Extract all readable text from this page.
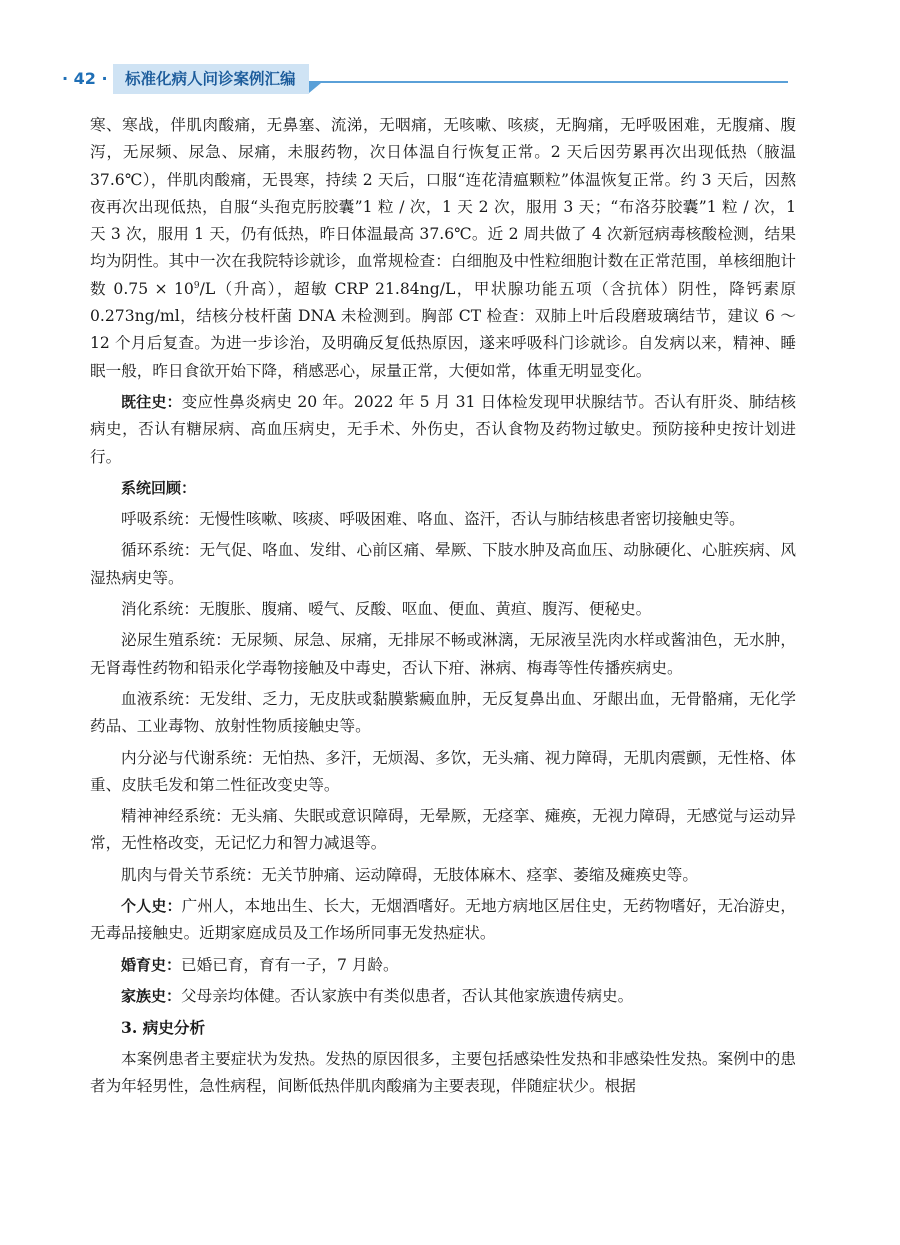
· 42 ·	标准化病人问诊案例汇编

寒、寒战，伴肌肉酸痛，无鼻塞、流涕，无咽痛，无咳嗽、咳痰，无胸痛，无呼吸困难，无腹痛、腹泻，无尿频、尿急、尿痛，未服药物，次日体温自行恢复正常。2 天后因劳累再次出现低热（腋温 37.6℃），伴肌肉酸痛，无畏寒，持续 2 天后，口服“连花清瘟颗粒”体温恢复正常。约 3 天后，因熬夜再次出现低热，自服“头孢克肟胶囊”1 粒 / 次，1 天 2 次，服用 3 天；“布洛芬胶囊”1 粒 / 次，1 天 3 次，服用 1 天，仍有低热，昨日体温最高 37.6℃。近 2 周共做了 4 次新冠病毒核酸检测，结果均为阴性。其中一次在我院特诊就诊，血常规检查：白细胞及中性粒细胞计数在正常范围，单核细胞计数 $0.75 \times 10^9/L$（升高），超敏 CRP 21.84ng/L，甲状腺功能五项（含抗体）阴性，降钙素原 0.273ng/ml，结核分枝杆菌 DNA 未检测到。胸部 CT 检查：双肺上叶后段磨玻璃结节，建议 6 ～ 12 个月后复查。为进一步诊治，及明确反复低热原因，遂来呼吸科门诊就诊。自发病以来，精神、睡眠一般，昨日食欲开始下降，稍感恶心，尿量正常，大便如常，体重无明显变化。

既往史：变应性鼻炎病史 20 年。2022 年 5 月 31 日体检发现甲状腺结节。否认有肝炎、肺结核病史，否认有糖尿病、高血压病史，无手术、外伤史，否认食物及药物过敏史。预防接种史按计划进行。

系统回顾：

呼吸系统：无慢性咳嗽、咳痰、呼吸困难、咯血、盗汗，否认与肺结核患者密切接触史等。

循环系统：无气促、咯血、发绀、心前区痛、晕厥、下肢水肿及高血压、动脉硬化、心脏疾病、风湿热病史等。

消化系统：无腹胀、腹痛、嗳气、反酸、呕血、便血、黄疸、腹泻、便秘史。

泌尿生殖系统：无尿频、尿急、尿痛，无排尿不畅或淋漓，无尿液呈洗肉水样或酱油色，无水肿，无肾毒性药物和铅汞化学毒物接触及中毒史，否认下疳、淋病、梅毒等性传播疾病史。

血液系统：无发绀、乏力，无皮肤或黏膜紫癜血肿，无反复鼻出血、牙龈出血，无骨骼痛，无化学药品、工业毒物、放射性物质接触史等。

内分泌与代谢系统：无怕热、多汗，无烦渴、多饮，无头痛、视力障碍，无肌肉震颤，无性格、体重、皮肤毛发和第二性征改变史等。

精神神经系统：无头痛、失眠或意识障碍，无晕厥，无痉挛、瘫痪，无视力障碍，无感觉与运动异常，无性格改变，无记忆力和智力减退等。

肌肉与骨关节系统：无关节肿痛、运动障碍，无肢体麻木、痉挛、萎缩及瘫痪史等。

个人史：广州人，本地出生、长大，无烟酒嗜好。无地方病地区居住史，无药物嗜好，无冶游史，无毒品接触史。近期家庭成员及工作场所同事无发热症状。

婚育史：已婚已育，育有一子，7 月龄。

家族史：父母亲均体健。否认家族中有类似患者，否认其他家族遗传病史。

3. 病史分析

本案例患者主要症状为发热。发热的原因很多，主要包括感染性发热和非感染性发热。案例中的患者为年轻男性，急性病程，间断低热伴肌肉酸痛为主要表现，伴随症状少。根据
